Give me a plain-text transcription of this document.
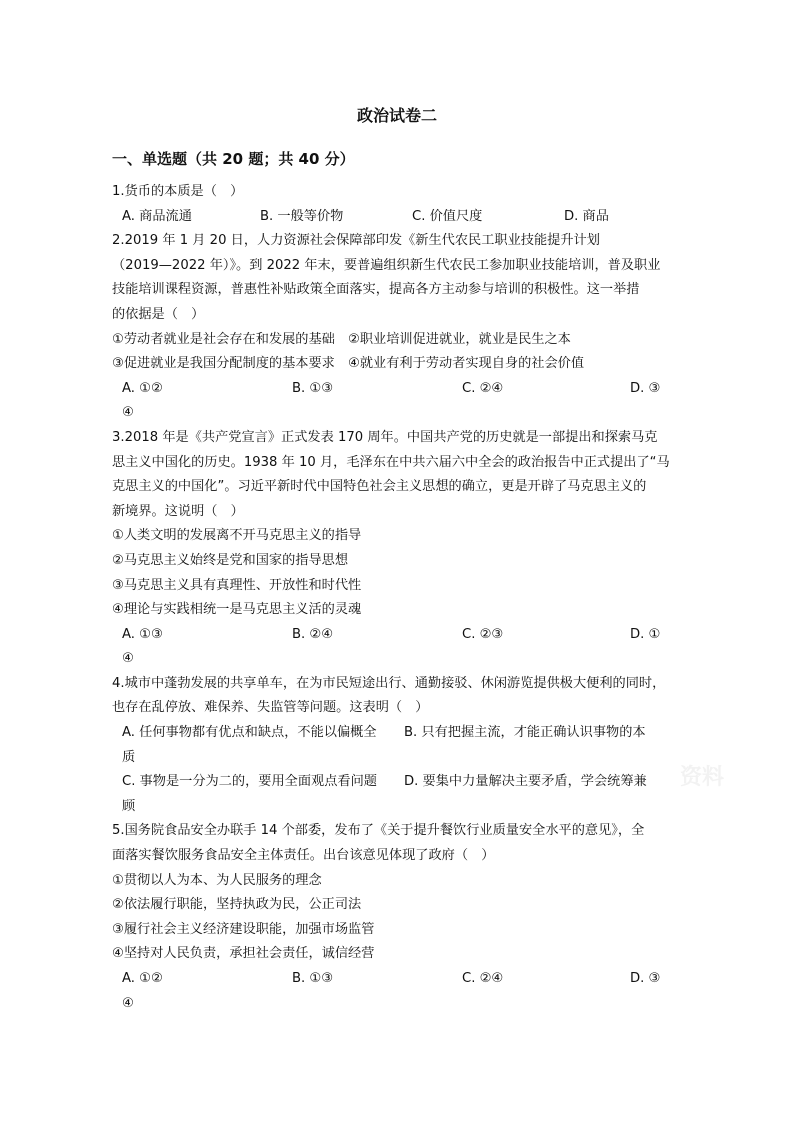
政治试卷二
一、单选题（共 20 题；共 40 分）
资料
1.货币的本质是（　）
A. 商品流通	B. 一般等价物	C. 价值尺度	D. 商品
2.2019 年 1 月 20 日，人力资源社会保障部印发《新生代农民工职业技能提升计划
（2019—2022 年）》。到 2022 年末，要普遍组织新生代农民工参加职业技能培训，普及职业
技能培训课程资源，普惠性补贴政策全面落实，提高各方主动参与培训的积极性。这一举措
的依据是（　）
①劳动者就业是社会存在和发展的基础　②职业培训促进就业，就业是民生之本
③促进就业是我国分配制度的基本要求　④就业有利于劳动者实现自身的社会价值
A. ①②	B. ①③	C. ②④	D. ③
④
3.2018 年是《共产党宣言》正式发表 170 周年。中国共产党的历史就是一部提出和探索马克
思主义中国化的历史。1938 年 10 月，毛泽东在中共六届六中全会的政治报告中正式提出了“马
克思主义的中国化”。习近平新时代中国特色社会主义思想的确立，更是开辟了马克思主义的
新境界。这说明（　）
①人类文明的发展离不开马克思主义的指导
②马克思主义始终是党和国家的指导思想
③马克思主义具有真理性、开放性和时代性
④理论与实践相统一是马克思主义活的灵魂
A. ①③	B. ②④	C. ②③	D. ①
④
4.城市中蓬勃发展的共享单车，在为市民短途出行、通勤接驳、休闲游览提供极大便利的同时，
也存在乱停放、难保养、失监管等问题。这表明（　）
A. 任何事物都有优点和缺点，不能以偏概全	B. 只有把握主流，才能正确认识事物的本
质
C. 事物是一分为二的，要用全面观点看问题	D. 要集中力量解决主要矛盾，学会统筹兼
顾
5.国务院食品安全办联手 14 个部委，发布了《关于提升餐饮行业质量安全水平的意见》，全
面落实餐饮服务食品安全主体责任。出台该意见体现了政府（　）
①贯彻以人为本、为人民服务的理念
②依法履行职能，坚持执政为民，公正司法
③履行社会主义经济建设职能，加强市场监管
④坚持对人民负责，承担社会责任，诚信经营
A. ①②	B. ①③	C. ②④	D. ③
④
